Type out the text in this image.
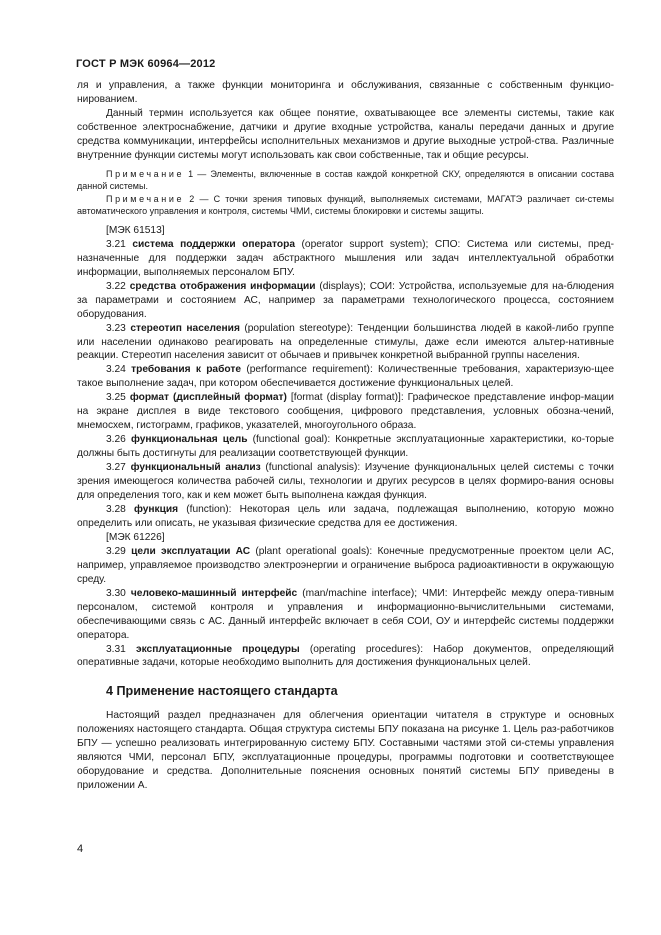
ГОСТ Р МЭК 60964—2012

ля и управления, а также функции мониторинга и обслуживания, связанные с собственным функцио-нированием.

Данный термин используется как общее понятие, охватывающее все элементы системы, такие как собственное электроснабжение, датчики и другие входные устройства, каналы передачи данных и другие средства коммуникации, интерфейсы исполнительных механизмов и другие выходные устрой-ства. Различные внутренние функции системы могут использовать как свои собственные, так и общие ресурсы.

Примечание 1 — Элементы, включенные в состав каждой конкретной СКУ, определяются в описании состава данной системы.

Примечание 2 — С точки зрения типовых функций, выполняемых системами, МАГАТЭ различает си-стемы автоматического управления и контроля, системы ЧМИ, системы блокировки и системы защиты.

[МЭК 61513]

3.21 система поддержки оператора (operator support system); СПО: Система или системы, пред-назначенные для поддержки задач абстрактного мышления или задач интеллектуальной обработки информации, выполняемых персоналом БПУ.

3.22 средства отображения информации (displays); СОИ: Устройства, используемые для на-блюдения за параметрами и состоянием АС, например за параметрами технологического процесса, состоянием оборудования.

3.23 стереотип населения (population stereotype): Тенденции большинства людей в какой-либо группе или населении одинаково реагировать на определенные стимулы, даже если имеются альтер-нативные реакции. Стереотип населения зависит от обычаев и привычек конкретной выбранной группы населения.

3.24 требования к работе (performance requirement): Количественные требования, характеризую-щее такое выполнение задач, при котором обеспечивается достижение функциональных целей.

3.25 формат (дисплейный формат) [format (display format)]: Графическое представление инфор-мации на экране дисплея в виде текстового сообщения, цифрового представления, условных обозна-чений, мнемосхем, гистограмм, графиков, указателей, многоугольного образа.

3.26 функциональная цель (functional goal): Конкретные эксплуатационные характеристики, ко-торые должны быть достигнуты для реализации соответствующей функции.

3.27 функциональный анализ (functional analysis): Изучение функциональных целей системы с точки зрения имеющегося количества рабочей силы, технологии и других ресурсов в целях формиро-вания основы для определения того, как и кем может быть выполнена каждая функция.

3.28 функция (function): Некоторая цель или задача, подлежащая выполнению, которую можно определить или описать, не указывая физические средства для ее достижения.

[МЭК 61226]

3.29 цели эксплуатации АС (plant operational goals): Конечные предусмотренные проектом цели АС, например, управляемое производство электроэнергии и ограничение выброса радиоактивности в окружающую среду.

3.30 человеко-машинный интерфейс (man/machine interface); ЧМИ: Интерфейс между опера-тивным персоналом, системой контроля и управления и информационно-вычислительными системами, обеспечивающими связь с АС. Данный интерфейс включает в себя СОИ, ОУ и интерфейс системы поддержки оператора.

3.31 эксплуатационные процедуры (operating procedures): Набор документов, определяющий оперативные задачи, которые необходимо выполнить для достижения функциональных целей.

4 Применение настоящего стандарта

Настоящий раздел предназначен для облегчения ориентации читателя в структуре и основных положениях настоящего стандарта. Общая структура системы БПУ показана на рисунке 1. Цель раз-работчиков БПУ — успешно реализовать интегрированную систему БПУ. Составными частями этой си-стемы управления являются ЧМИ, персонал БПУ, эксплуатационные процедуры, программы подготовки и соответствующее оборудование и средства. Дополнительные пояснения основных понятий системы БПУ приведены в приложении А.

4
